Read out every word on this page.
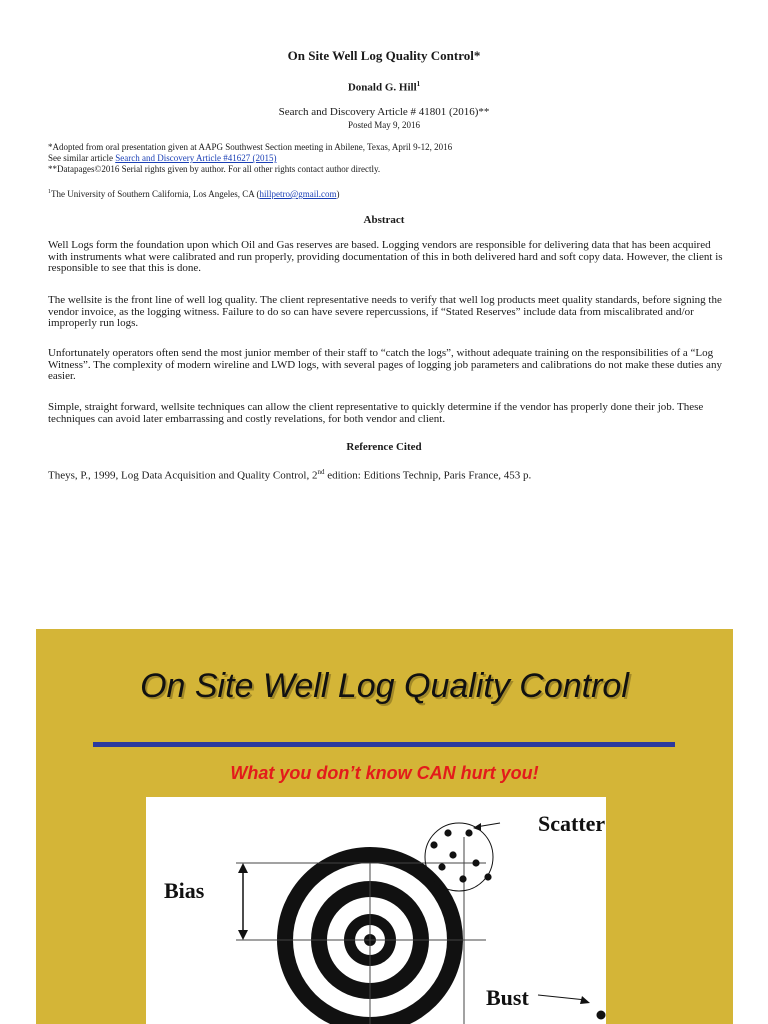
On Site Well Log Quality Control*
Donald G. Hill$^1$
Search and Discovery Article # 41801 (2016)**
Posted May 9, 2016
*Adopted from oral presentation given at AAPG Southwest Section meeting in Abilene, Texas, April 9-12, 2016
See similar article Search and Discovery Article #41627 (2015)
**Datapages©2016 Serial rights given by author. For all other rights contact author directly.
$^1$The University of Southern California, Los Angeles, CA (hillpetro@gmail.com)
Abstract
Well Logs form the foundation upon which Oil and Gas reserves are based. Logging vendors are responsible for delivering data that has been acquired with instruments what were calibrated and run properly, providing documentation of this in both delivered hard and soft copy data. However, the client is responsible to see that this is done.
The wellsite is the front line of well log quality. The client representative needs to verify that well log products meet quality standards, before signing the vendor invoice, as the logging witness. Failure to do so can have severe repercussions, if “Stated Reserves” include data from miscalibrated and/or improperly run logs.
Unfortunately operators often send the most junior member of their staff to “catch the logs”, without adequate training on the responsibilities of a “Log Witness”. The complexity of modern wireline and LWD logs, with several pages of logging job parameters and calibrations do not make these duties any easier.
Simple, straight forward, wellsite techniques can allow the client representative to quickly determine if the vendor has properly done their job. These techniques can avoid later embarrassing and costly revelations, for both vendor and client.
Reference Cited
Theys, P., 1999, Log Data Acquisition and Quality Control, 2nd edition: Editions Technip, Paris France, 453 p.
On Site Well Log Quality Control
What you don’t know CAN hurt you!
Scatter
Bias
Bust
